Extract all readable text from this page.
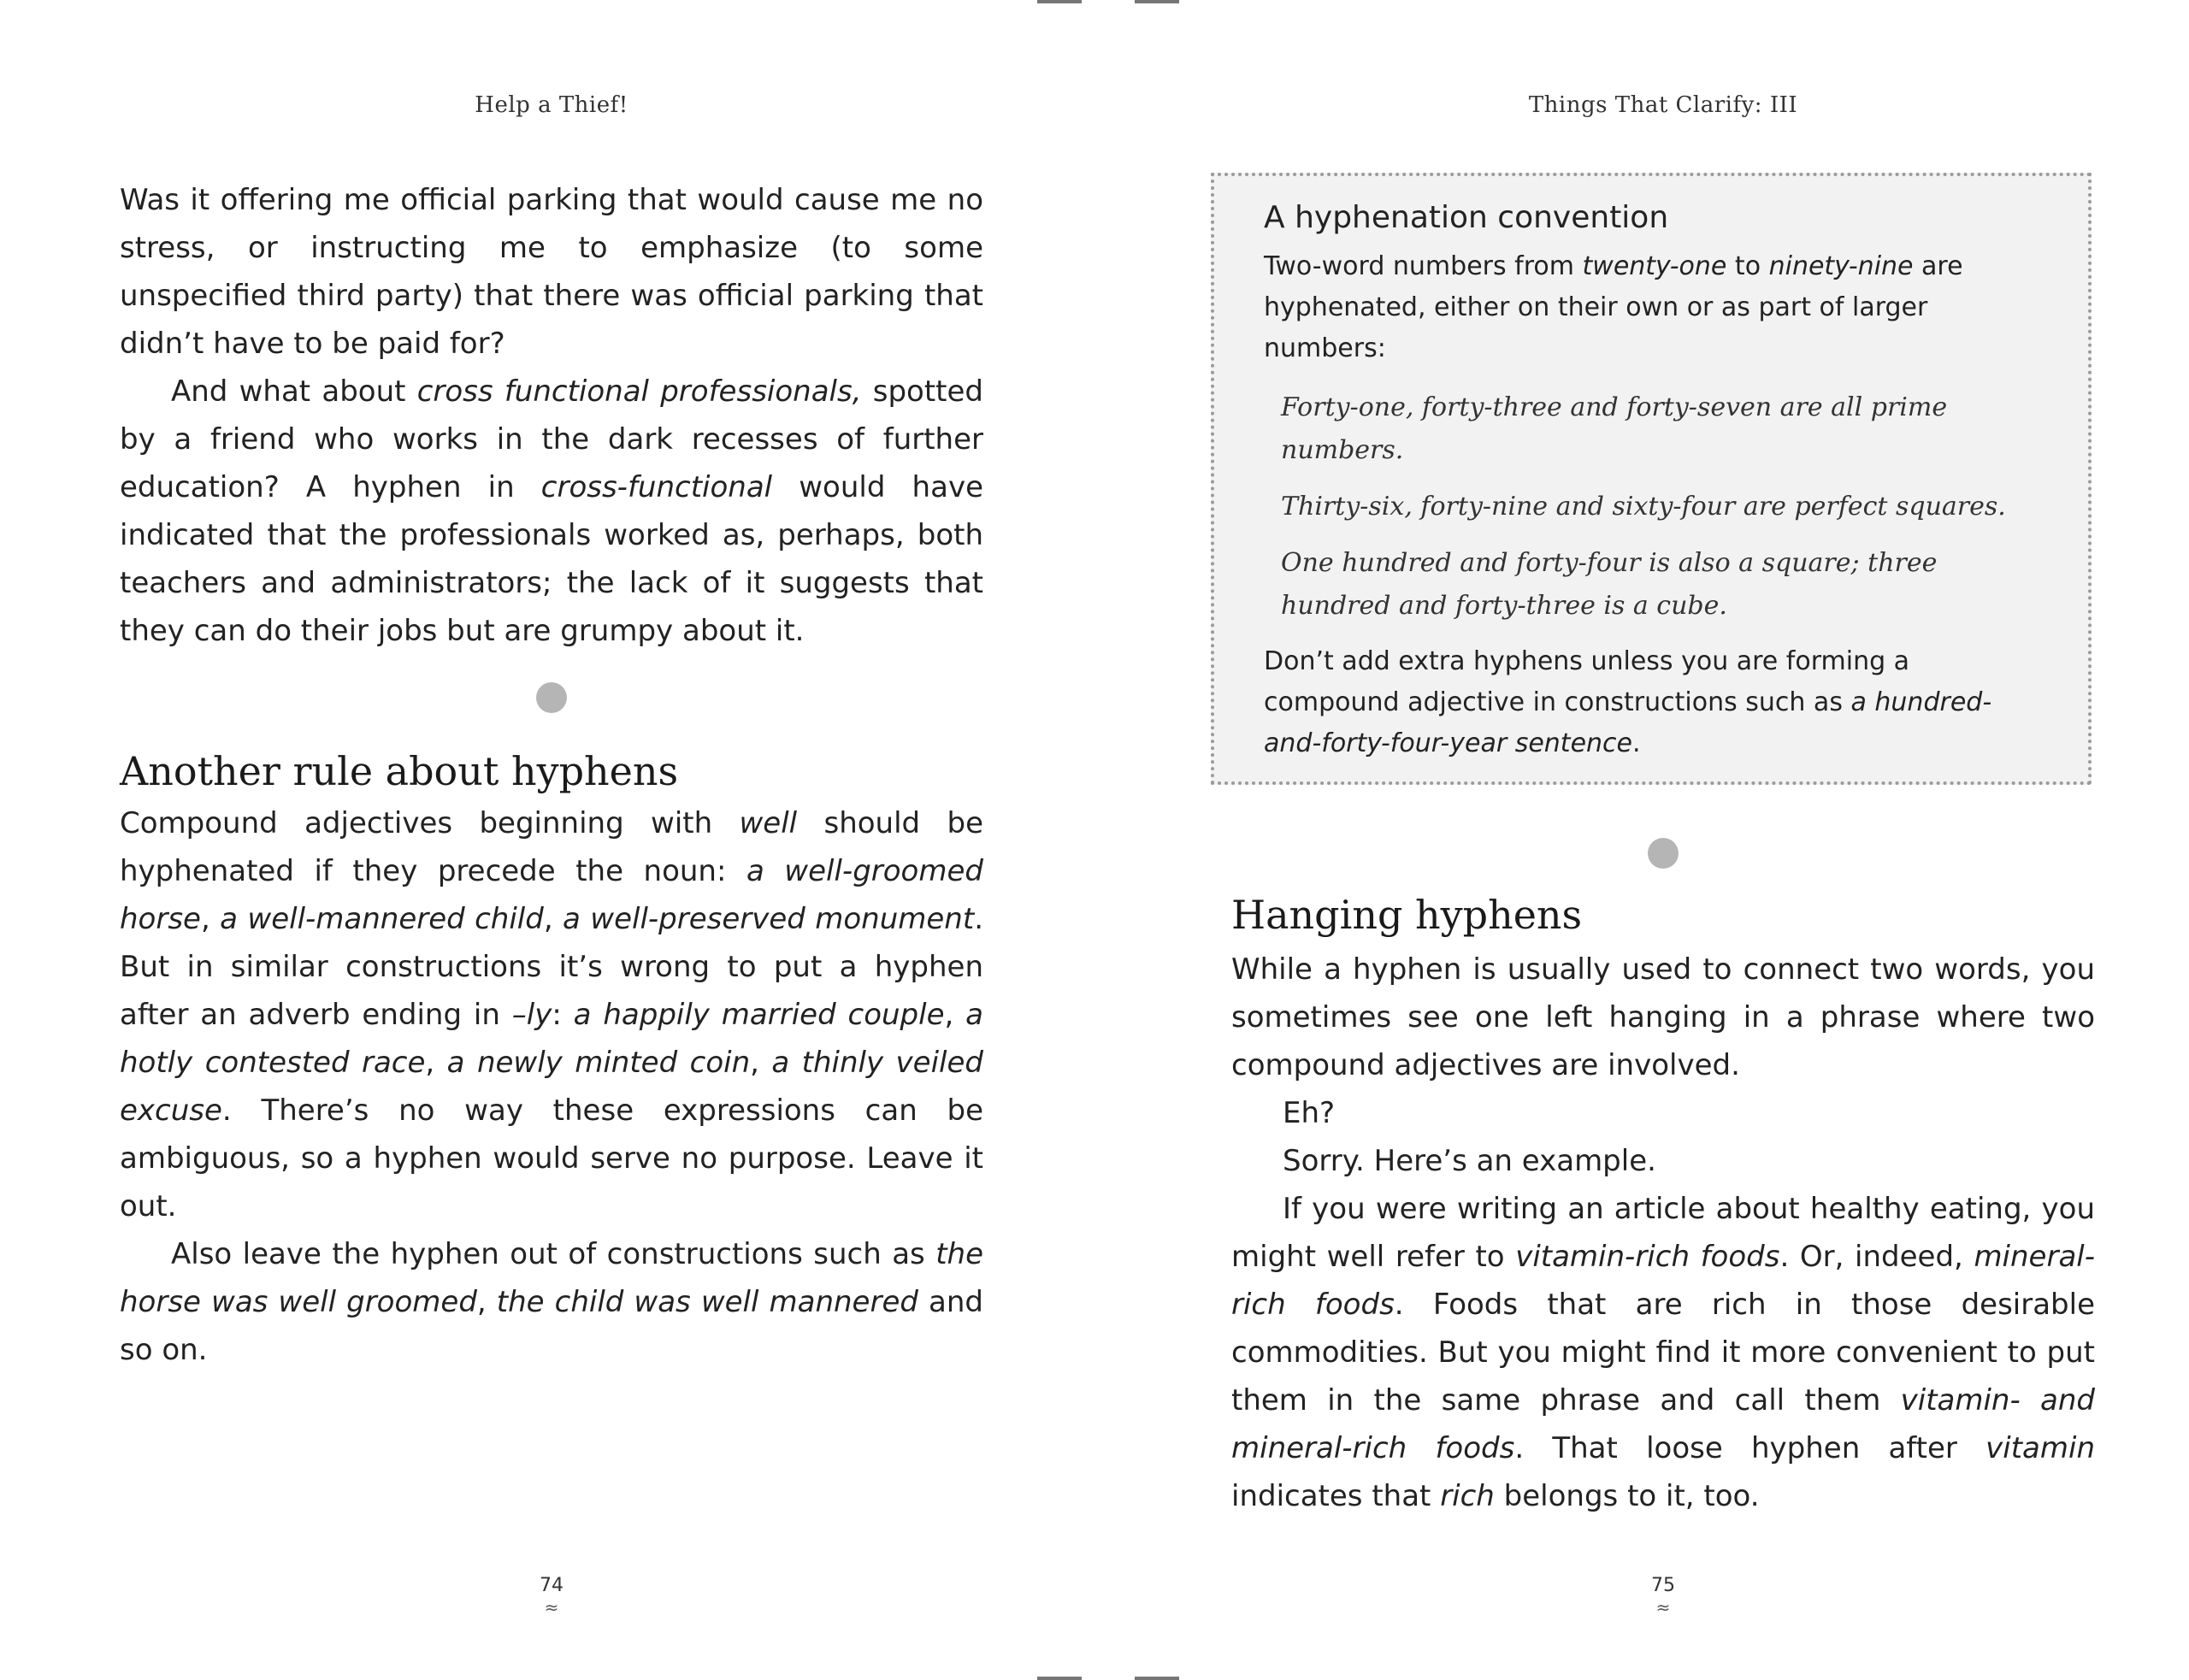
Help a Thief!

Was it offering me official parking that would cause me no stress, or instructing me to emphasize (to some unspecified third party) that there was official parking that didn’t have to be paid for?

And what about cross functional professionals, spotted by a friend who works in the dark recesses of further education? A hyphen in cross-functional would have indicated that the professionals worked as, perhaps, both teachers and administrators; the lack of it suggests that they can do their jobs but are grumpy about it.

Another rule about hyphens

Compound adjectives beginning with well should be hyphenated if they precede the noun: a well-groomed horse, a well-mannered child, a well-preserved monument. But in similar constructions it’s wrong to put a hyphen after an adverb ending in –ly: a happily married couple, a hotly contested race, a newly minted coin, a thinly veiled excuse. There’s no way these expressions can be ambiguous, so a hyphen would serve no purpose. Leave it out.

Also leave the hyphen out of constructions such as the horse was well groomed, the child was well mannered and so on.

74
≈
Things That Clarify: III
A hyphenation convention

Two-word numbers from twenty-one to ninety-nine are hyphenated, either on their own or as part of larger numbers:

Forty-one, forty-three and forty-seven are all prime numbers.

Thirty-six, forty-nine and sixty-four are perfect squares.

One hundred and forty-four is also a square; three hundred and forty-three is a cube.

Don’t add extra hyphens unless you are forming a compound adjective in constructions such as a hundred-and-forty-four-year sentence.

Hanging hyphens

While a hyphen is usually used to connect two words, you sometimes see one left hanging in a phrase where two compound adjectives are involved.

Eh?

Sorry. Here’s an example.

If you were writing an article about healthy eating, you might well refer to vitamin-rich foods. Or, indeed, mineral-rich foods. Foods that are rich in those desirable commodities. But you might find it more convenient to put them in the same phrase and call them vitamin- and mineral-rich foods. That loose hyphen after vitamin indicates that rich belongs to it, too.

75
≈
